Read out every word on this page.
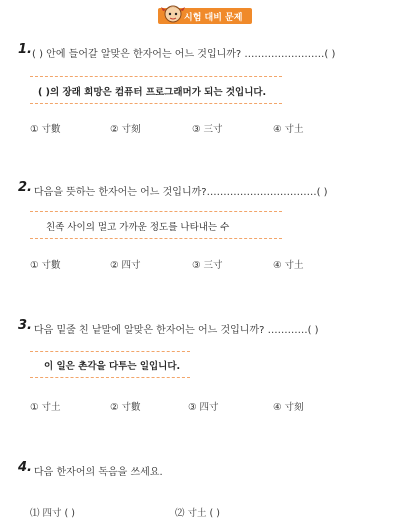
시험 대비 문제
1. ( ) 안에 들어갈 알맞은 한자어는 어느 것입니까? ……………………( )
( )의 장래 희망은 컴퓨터 프로그래머가 되는 것입니다.
① 寸數	② 寸刻	③ 三寸	④ 寸土
2. 다음을 뜻하는 한자어는 어느 것입니까?……………………………( )
친족 사이의 멀고 가까운 정도를 나타내는 수
① 寸數	② 四寸	③ 三寸	④ 寸土
3. 다음 밑줄 친 낱말에 알맞은 한자어는 어느 것입니까? …………( )
이 일은 촌각을 다투는 일입니다.
① 寸土	② 寸數	③ 四寸	④ 寸刻
4. 다음 한자어의 독음을 쓰세요.
⑴ 四寸 ( )	⑵ 寸土 ( )
